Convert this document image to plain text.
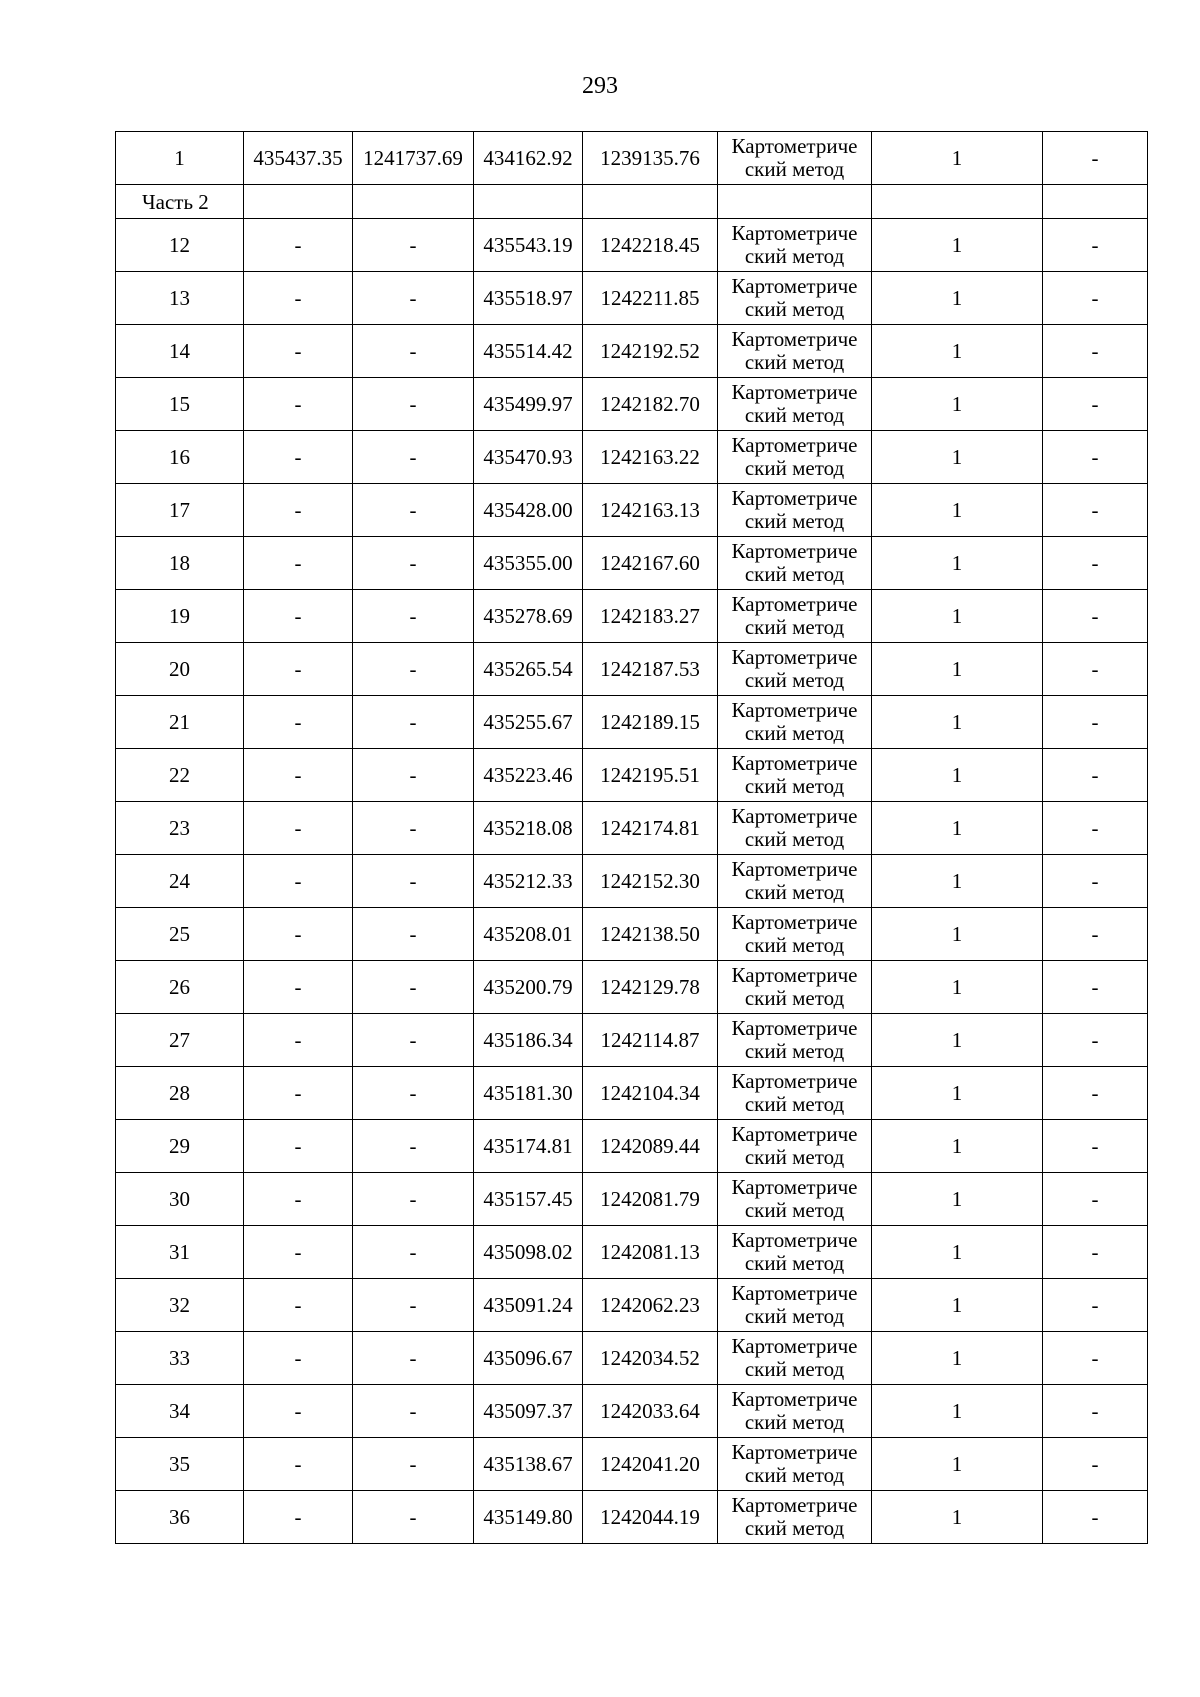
293
1	435437.35	1241737.69	434162.92	1239135.76	Картометриче ский метод	1	-
Часть 2							
12	-	-	435543.19	1242218.45	Картометриче ский метод	1	-
13	-	-	435518.97	1242211.85	Картометриче ский метод	1	-
14	-	-	435514.42	1242192.52	Картометриче ский метод	1	-
15	-	-	435499.97	1242182.70	Картометриче ский метод	1	-
16	-	-	435470.93	1242163.22	Картометриче ский метод	1	-
17	-	-	435428.00	1242163.13	Картометриче ский метод	1	-
18	-	-	435355.00	1242167.60	Картометриче ский метод	1	-
19	-	-	435278.69	1242183.27	Картометриче ский метод	1	-
20	-	-	435265.54	1242187.53	Картометриче ский метод	1	-
21	-	-	435255.67	1242189.15	Картометриче ский метод	1	-
22	-	-	435223.46	1242195.51	Картометриче ский метод	1	-
23	-	-	435218.08	1242174.81	Картометриче ский метод	1	-
24	-	-	435212.33	1242152.30	Картометриче ский метод	1	-
25	-	-	435208.01	1242138.50	Картометриче ский метод	1	-
26	-	-	435200.79	1242129.78	Картометриче ский метод	1	-
27	-	-	435186.34	1242114.87	Картометриче ский метод	1	-
28	-	-	435181.30	1242104.34	Картометриче ский метод	1	-
29	-	-	435174.81	1242089.44	Картометриче ский метод	1	-
30	-	-	435157.45	1242081.79	Картометриче ский метод	1	-
31	-	-	435098.02	1242081.13	Картометриче ский метод	1	-
32	-	-	435091.24	1242062.23	Картометриче ский метод	1	-
33	-	-	435096.67	1242034.52	Картометриче ский метод	1	-
34	-	-	435097.37	1242033.64	Картометриче ский метод	1	-
35	-	-	435138.67	1242041.20	Картометриче ский метод	1	-
36	-	-	435149.80	1242044.19	Картометриче ский метод	1	-
